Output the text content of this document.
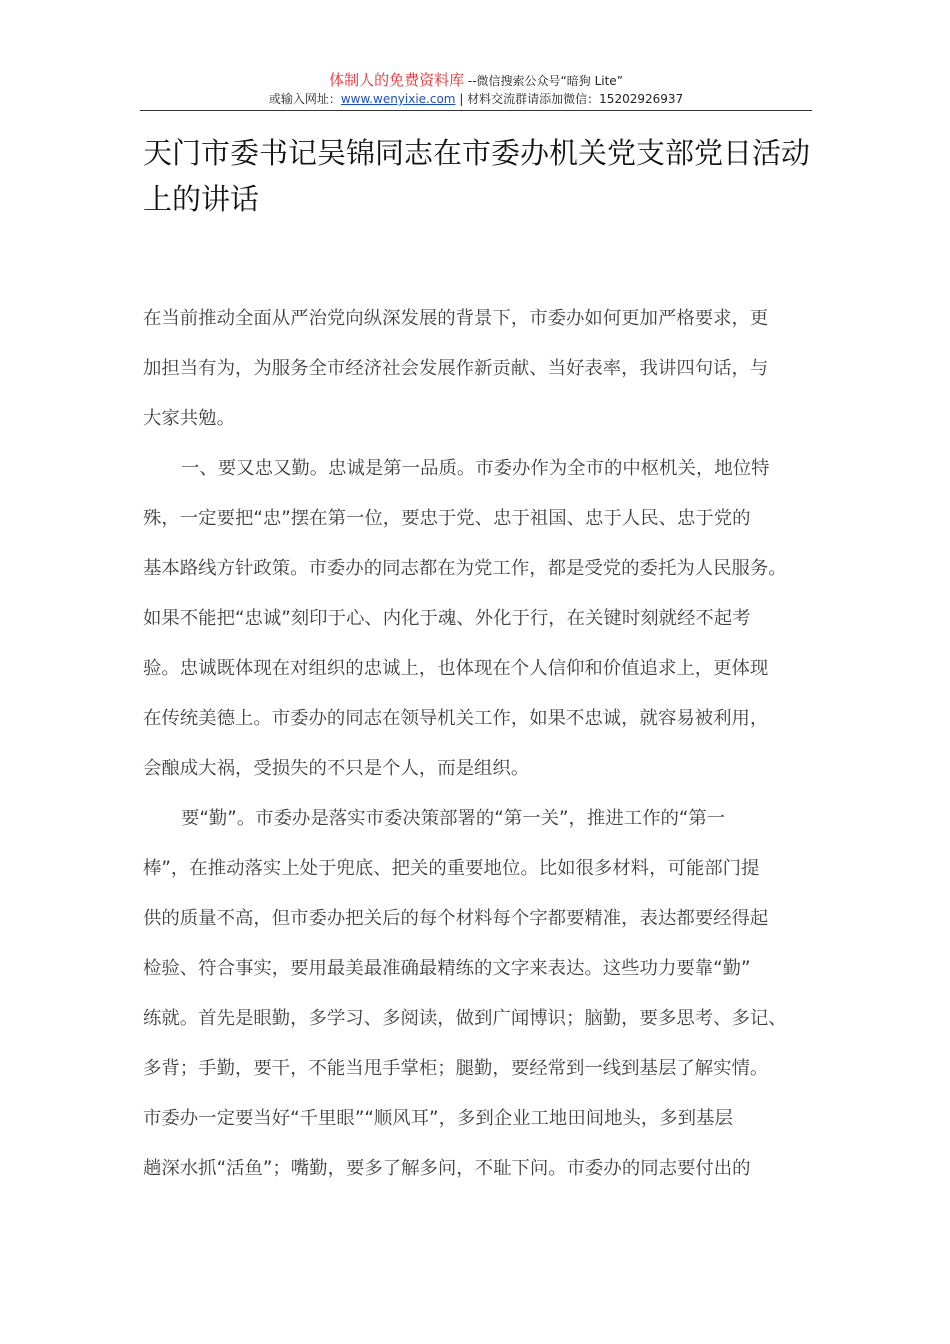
体制人的免费资料库 --微信搜索公众号“暗狗 Lite”
或输入网址：www.wenyixie.com | 材料交流群请添加微信：15202926937
天门市委书记吴锦同志在市委办机关党支部党日活动
上的讲话

在当前推动全面从严治党向纵深发展的背景下，市委办如何更加严格要求，更

加担当有为，为服务全市经济社会发展作新贡献、当好表率，我讲四句话，与

大家共勉。

一、要又忠又勤。忠诚是第一品质。市委办作为全市的中枢机关，地位特

殊，一定要把“忠”摆在第一位，要忠于党、忠于祖国、忠于人民、忠于党的

基本路线方针政策。市委办的同志都在为党工作，都是受党的委托为人民服务。

如果不能把“忠诚”刻印于心、内化于魂、外化于行，在关键时刻就经不起考

验。忠诚既体现在对组织的忠诚上，也体现在个人信仰和价值追求上，更体现

在传统美德上。市委办的同志在领导机关工作，如果不忠诚，就容易被利用，

会酿成大祸，受损失的不只是个人，而是组织。

要“勤”。市委办是落实市委决策部署的“第一关”，推进工作的“第一

棒”，在推动落实上处于兜底、把关的重要地位。比如很多材料，可能部门提

供的质量不高，但市委办把关后的每个材料每个字都要精准，表达都要经得起

检验、符合事实，要用最美最准确最精练的文字来表达。这些功力要靠“勤”

练就。首先是眼勤，多学习、多阅读，做到广闻博识；脑勤，要多思考、多记、

多背；手勤，要干，不能当甩手掌柜；腿勤，要经常到一线到基层了解实情。

市委办一定要当好“千里眼”“顺风耳”，多到企业工地田间地头，多到基层

趟深水抓“活鱼”；嘴勤，要多了解多问，不耻下问。市委办的同志要付出的
